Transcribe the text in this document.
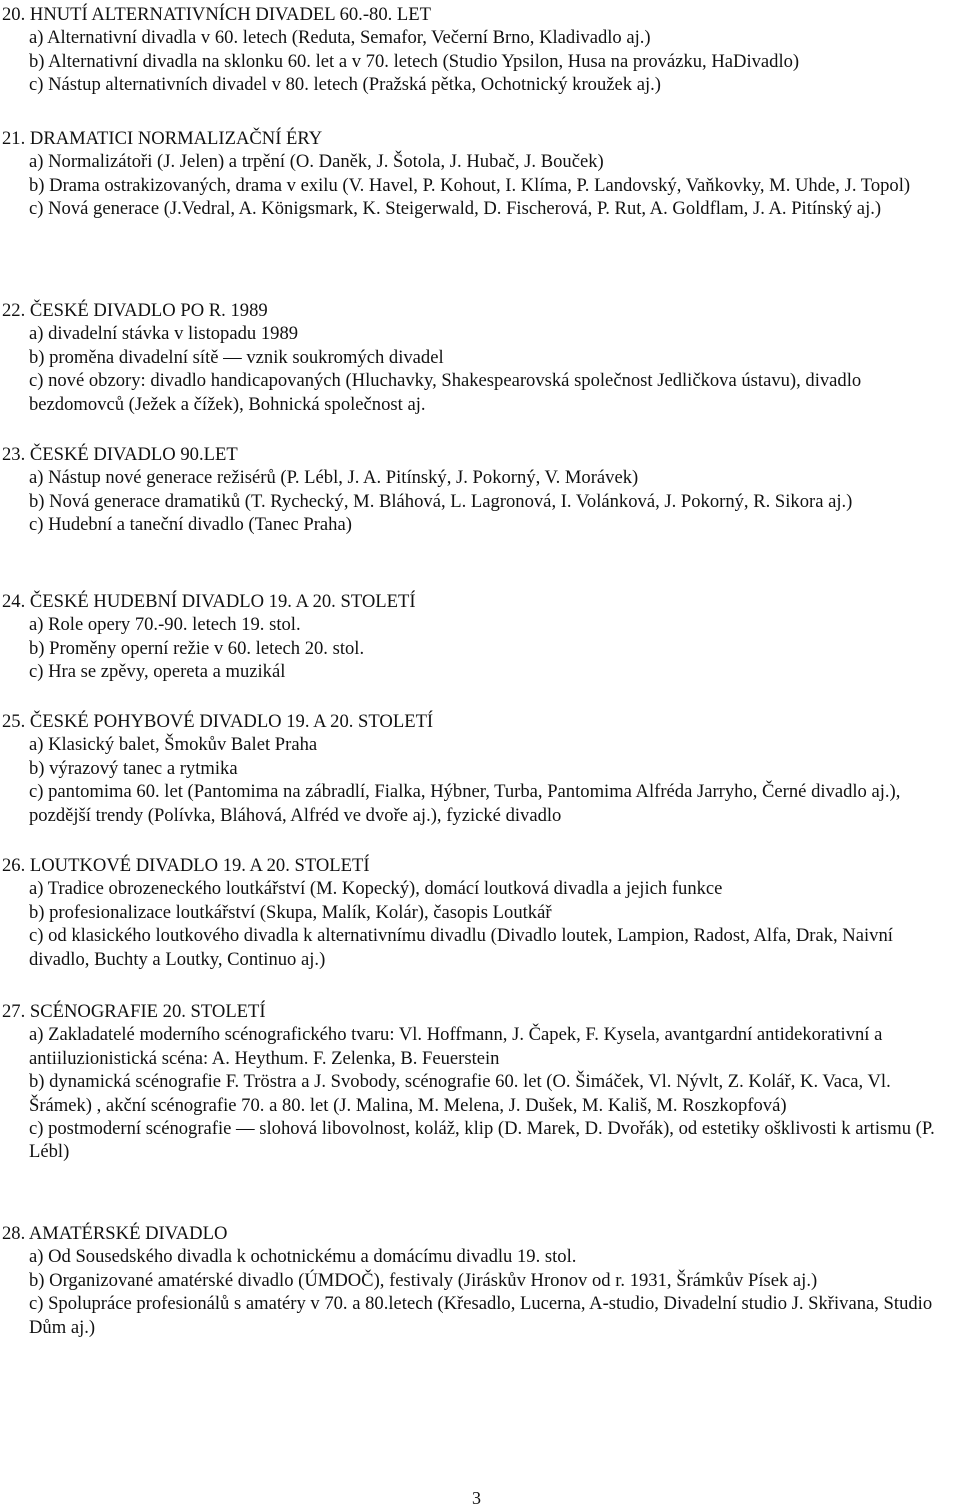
20. HNUTÍ ALTERNATIVNÍCH DIVADEL 60.-80. LET
a) Alternativní divadla v 60. letech (Reduta, Semafor, Večerní Brno, Kladivadlo aj.)
b) Alternativní divadla na sklonku 60. let a v 70. letech (Studio Ypsilon, Husa na provázku, HaDivadlo)
c) Nástup alternativních divadel v 80. letech (Pražská pětka, Ochotnický kroužek aj.)
21. DRAMATICI NORMALIZAČNÍ ÉRY
a) Normalizátoři (J. Jelen) a trpění (O. Daněk, J. Šotola, J. Hubač, J. Bouček)
b) Drama ostrakizovaných, drama v exilu (V. Havel, P. Kohout, I. Klíma, P. Landovský, Vaňkovky, M. Uhde, J. Topol)
c) Nová generace (J.Vedral, A. Königsmark, K. Steigerwald, D. Fischerová, P. Rut, A. Goldflam, J. A. Pitínský aj.)
22. ČESKÉ DIVADLO PO R. 1989
a) divadelní stávka v listopadu 1989
b) proměna divadelní sítě ― vznik soukromých divadel
c) nové obzory: divadlo handicapovaných (Hluchavky, Shakespearovská společnost Jedličkova ústavu), divadlo bezdomovců (Ježek a čížek), Bohnická společnost aj.
23. ČESKÉ DIVADLO 90.LET
a) Nástup nové generace režisérů (P. Lébl, J. A. Pitínský, J. Pokorný, V. Morávek)
b) Nová generace dramatiků (T. Rychecký, M. Bláhová, L. Lagronová, I. Volánková, J. Pokorný, R. Sikora aj.)
c) Hudební a taneční divadlo (Tanec Praha)
24. ČESKÉ HUDEBNÍ DIVADLO 19. A 20. STOLETÍ
a) Role opery 70.-90. letech 19. stol.
b) Proměny operní režie v 60. letech 20. stol.
c) Hra se zpěvy, opereta a muzikál
25. ČESKÉ POHYBOVÉ DIVADLO 19. A 20. STOLETÍ
a) Klasický balet, Šmokův Balet Praha
b) výrazový tanec a rytmika
c) pantomima 60. let (Pantomima na zábradlí, Fialka, Hýbner, Turba, Pantomima Alfréda Jarryho, Černé divadlo aj.), pozdější trendy (Polívka, Bláhová, Alfréd ve dvoře aj.), fyzické divadlo
26. LOUTKOVÉ DIVADLO 19. A 20. STOLETÍ
a) Tradice obrozeneckého loutkářství (M. Kopecký), domácí loutková divadla a jejich funkce
b) profesionalizace loutkářství (Skupa, Malík, Kolár), časopis Loutkář
c) od klasického loutkového divadla k alternativnímu divadlu (Divadlo loutek, Lampion, Radost, Alfa, Drak, Naivní divadlo, Buchty a Loutky, Continuo aj.)
27. SCÉNOGRAFIE 20. STOLETÍ
a) Zakladatelé moderního scénografického tvaru: Vl. Hoffmann, J. Čapek, F. Kysela, avantgardní antidekorativní a antiiluzionistická scéna: A. Heythum. F. Zelenka, B. Feuerstein
b) dynamická scénografie F. Tröstra a J. Svobody, scénografie 60. let (O. Šimáček, Vl. Nývlt, Z. Kolář, K. Vaca, Vl. Šrámek) , akční scénografie 70. a 80. let (J. Malina, M. Melena, J. Dušek, M. Kališ, M. Roszkopfová)
c) postmoderní scénografie ― slohová libovolnost, koláž, klip (D. Marek, D. Dvořák), od estetiky ošklivosti k artismu (P. Lébl)
28. AMATÉRSKÉ DIVADLO
a) Od Sousedského divadla k ochotnickému a domácímu divadlu 19. stol.
b) Organizované amatérské divadlo (ÚMDOČ), festivaly (Jiráskův Hronov od r. 1931, Šrámkův Písek aj.)
c) Spolupráce profesionálů s amatéry v 70. a 80.letech (Křesadlo, Lucerna, A-studio, Divadelní studio J. Skřivana, Studio Dům aj.)
3
